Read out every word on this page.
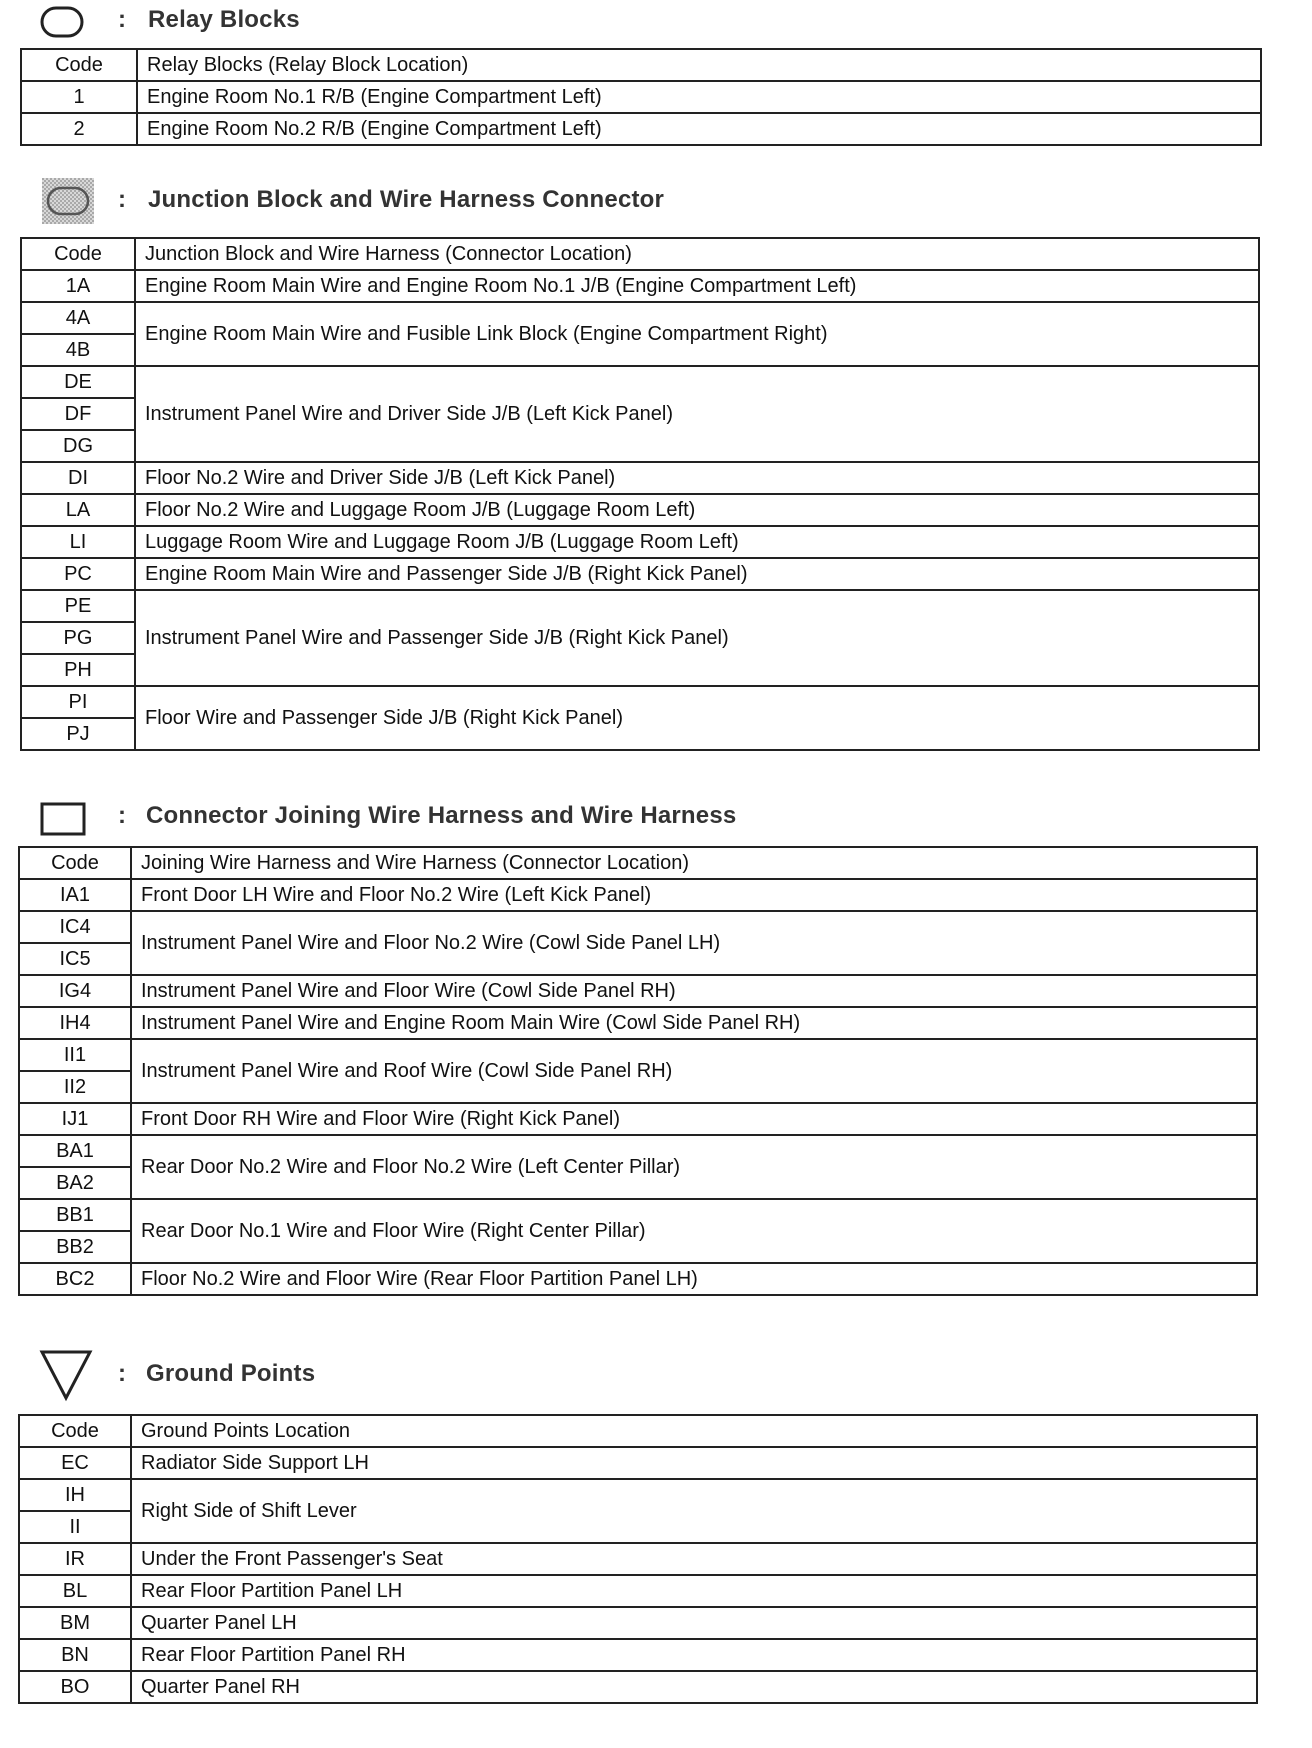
: Relay Blocks
Code	Relay Blocks (Relay Block Location)
1	Engine Room No.1 R/B (Engine Compartment Left)
2	Engine Room No.2 R/B (Engine Compartment Left)
: Junction Block and Wire Harness Connector
Code	Junction Block and Wire Harness (Connector Location)
1A	Engine Room Main Wire and Engine Room No.1 J/B (Engine Compartment Left)
4A	Engine Room Main Wire and Fusible Link Block (Engine Compartment Right)
4B	
DE	Instrument Panel Wire and Driver Side J/B (Left Kick Panel)
DF	
DG	
DI	Floor No.2 Wire and Driver Side J/B (Left Kick Panel)
LA	Floor No.2 Wire and Luggage Room J/B (Luggage Room Left)
LI	Luggage Room Wire and Luggage Room J/B (Luggage Room Left)
PC	Engine Room Main Wire and Passenger Side J/B (Right Kick Panel)
PE	Instrument Panel Wire and Passenger Side J/B (Right Kick Panel)
PG	
PH	
PI	Floor Wire and Passenger Side J/B (Right Kick Panel)
PJ	
: Connector Joining Wire Harness and Wire Harness
Code	Joining Wire Harness and Wire Harness (Connector Location)
IA1	Front Door LH Wire and Floor No.2 Wire (Left Kick Panel)
IC4	Instrument Panel Wire and Floor No.2 Wire (Cowl Side Panel LH)
IC5	
IG4	Instrument Panel Wire and Floor Wire (Cowl Side Panel RH)
IH4	Instrument Panel Wire and Engine Room Main Wire (Cowl Side Panel RH)
II1	Instrument Panel Wire and Roof Wire (Cowl Side Panel RH)
II2	
IJ1	Front Door RH Wire and Floor Wire (Right Kick Panel)
BA1	Rear Door No.2 Wire and Floor No.2 Wire (Left Center Pillar)
BA2	
BB1	Rear Door No.1 Wire and Floor Wire (Right Center Pillar)
BB2	
BC2	Floor No.2 Wire and Floor Wire (Rear Floor Partition Panel LH)
: Ground Points
Code	Ground Points Location
EC	Radiator Side Support LH
IH	Right Side of Shift Lever
II	
IR	Under the Front Passenger's Seat
BL	Rear Floor Partition Panel LH
BM	Quarter Panel LH
BN	Rear Floor Partition Panel RH
BO	Quarter Panel RH
